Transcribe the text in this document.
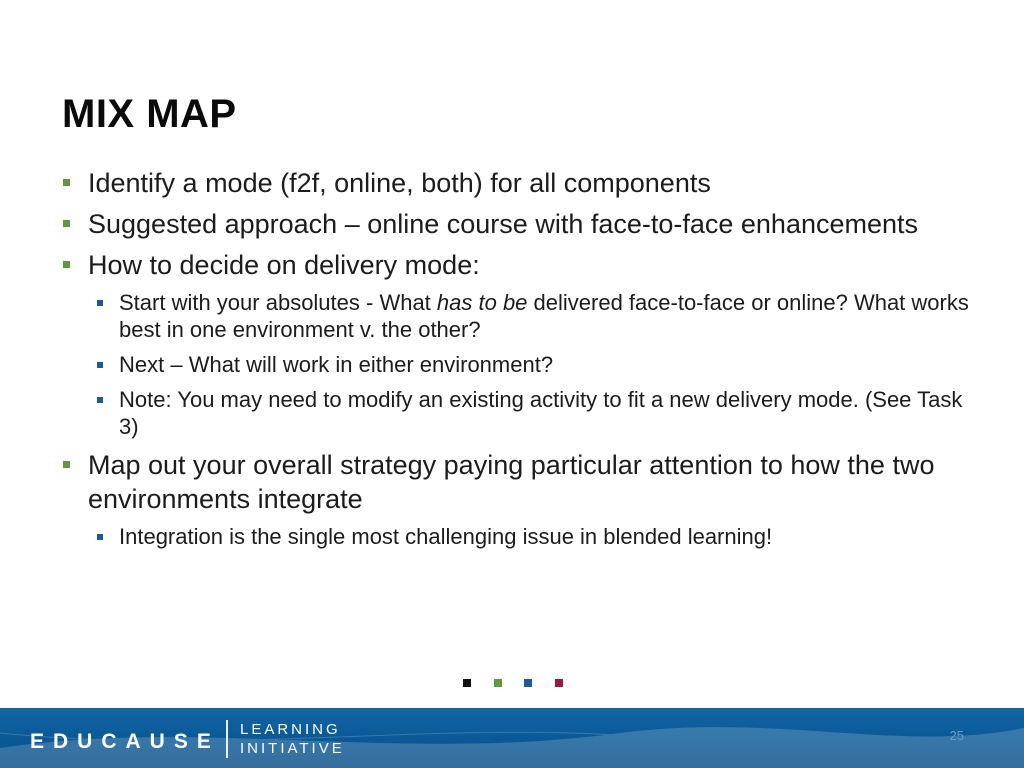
MIX MAP
Identify a mode (f2f, online, both) for all components
Suggested approach – online course with face-to-face enhancements
How to decide on delivery mode:
Start with your absolutes - What has to be delivered face-to-face or online? What works best in one environment v. the other?
Next – What will work in either environment?
Note: You may need to modify an existing activity to fit a new delivery mode. (See Task 3)
Map out your overall strategy paying particular attention to how the two environments integrate
Integration is the single most challenging issue in blended learning!
EDUCAUSE
LEARNING
INITIATIVE
25
